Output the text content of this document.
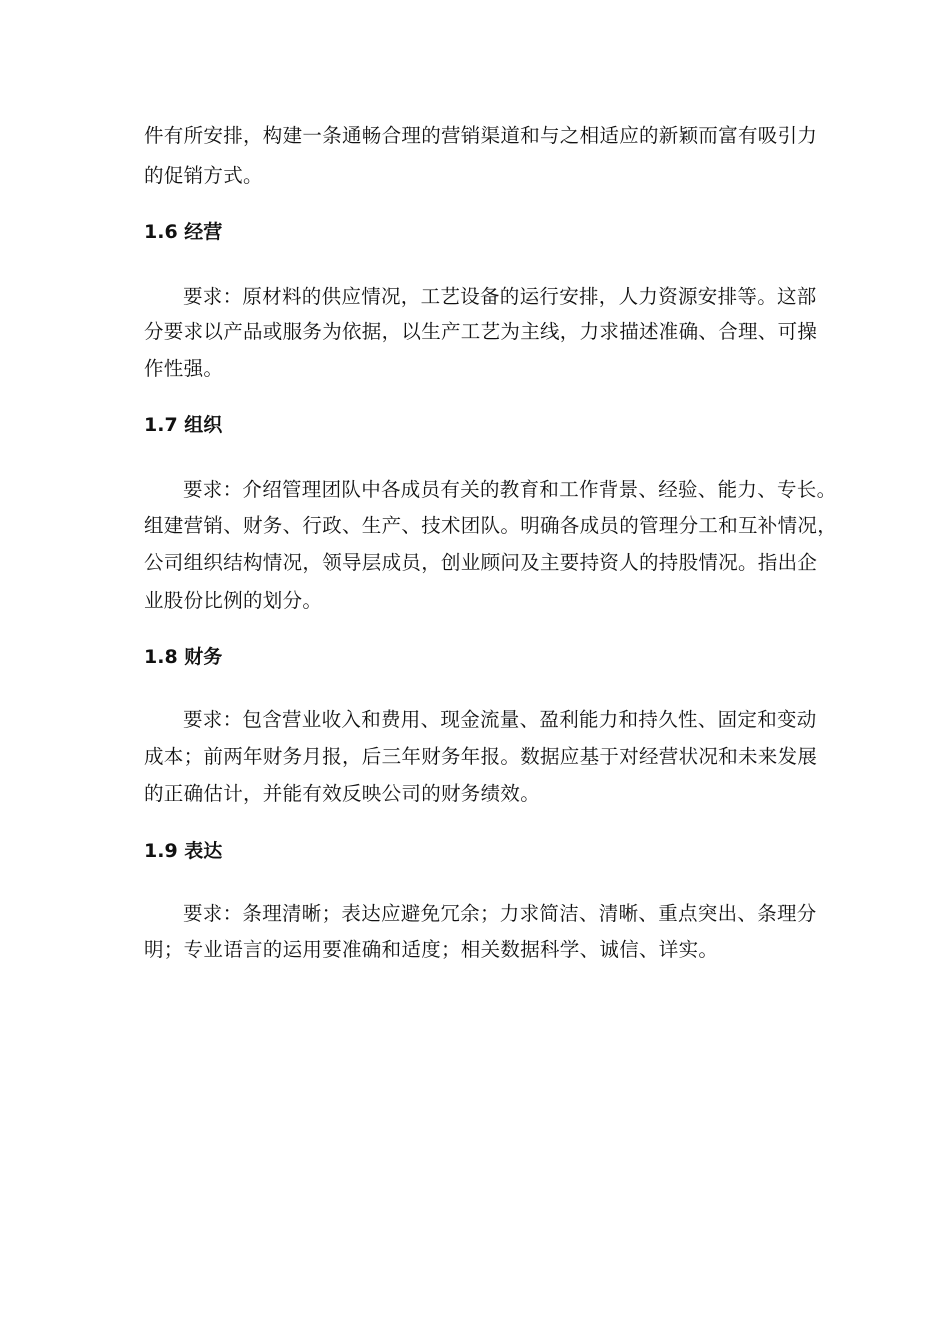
件有所安排，构建一条通畅合理的营销渠道和与之相适应的新颖而富有吸引力
的促销方式。
1.6 经营
要求：原材料的供应情况，工艺设备的运行安排，人力资源安排等。这部
分要求以产品或服务为依据，以生产工艺为主线，力求描述准确、合理、可操
作性强。
1.7 组织
要求：介绍管理团队中各成员有关的教育和工作背景、经验、能力、专长。
组建营销、财务、行政、生产、技术团队。明确各成员的管理分工和互补情况，
公司组织结构情况，领导层成员，创业顾问及主要持资人的持股情况。指出企
业股份比例的划分。
1.8 财务
要求：包含营业收入和费用、现金流量、盈利能力和持久性、固定和变动
成本；前两年财务月报，后三年财务年报。数据应基于对经营状况和未来发展
的正确估计，并能有效反映公司的财务绩效。
1.9 表达
要求：条理清晰；表达应避免冗余；力求简洁、清晰、重点突出、条理分
明；专业语言的运用要准确和适度；相关数据科学、诚信、详实。
